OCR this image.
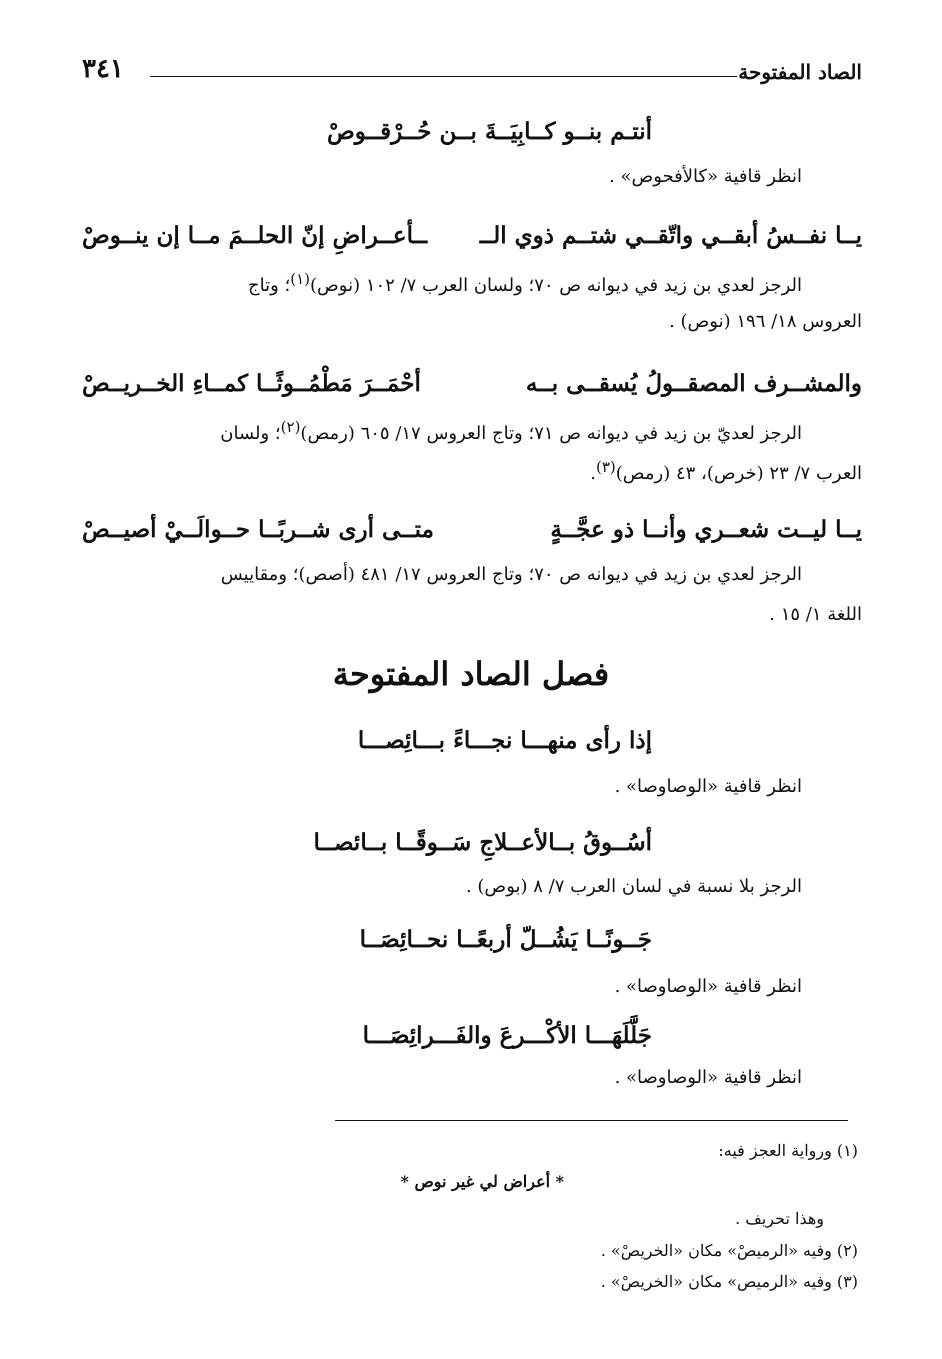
الصاد المفتوحة
٣٤١
أنتـم بنــو كــابِيَــةَ بــن حُــرْقــوصْ
انظر قافية «كالأفحوص» .
يــا نفــسُ أبقــي واتّقــي شتــم ذوي الــ
ــأعــراضِ إنّ الحلــمَ مــا إن ينــوصْ
الرجز لعدي بن زيد في ديوانه ص ٧٠؛ ولسان العرب ٧/ ١٠٢ (نوص)$^{(١)}$؛ وتاج
العروس ١٨/ ١٩٦ (نوص) .
والمشــرف المصقــولُ يُسقــى بــه
أحْمَــرَ مَطْمُــوثًــا كمــاءِ الخــريــصْ
الرجز لعديّ بن زيد في ديوانه ص ٧١؛ وتاج العروس ١٧/ ٦٠٥ (رمص)$^{(٢)}$؛ ولسان
العرب ٧/ ٢٣ (خرص)، ٤٣ (رمص)$^{(٣)}$.
يــا ليــت شعــري وأنــا ذو عجَّــةٍ
متــى أرى شــربًــا حــوالَــيْ أصيــصْ
الرجز لعدي بن زيد في ديوانه ص ٧٠؛ وتاج العروس ١٧/ ٤٨١ (أصص)؛ ومقاييس
اللغة ١/ ١٥ .
فصل الصاد المفتوحة
إذا رأى منهـــا نجـــاءً بـــائِصـــا
انظر قافية «الوصاوصا» .
أسُــوقُ بــالأعــلاجِ سَــوقًــا بــائصــا
الرجز بلا نسبة في لسان العرب ٧/ ٨ (بوص) .
جَــونًــا يَشُــلّ أربعًــا نحــائِصَــا
انظر قافية «الوصاوصا» .
جَلَّلَهَـــا الأكْـــرعَ والفَـــرائِصَـــا
انظر قافية «الوصاوصا» .
(١) ورواية العجز فيه:
* أعراض لي غير نوص *
وهذا تحريف .
(٢) وفيه «الرميصْ» مكان «الخريصْ» .
(٣) وفيه «الرميص» مكان «الخريصْ» .
